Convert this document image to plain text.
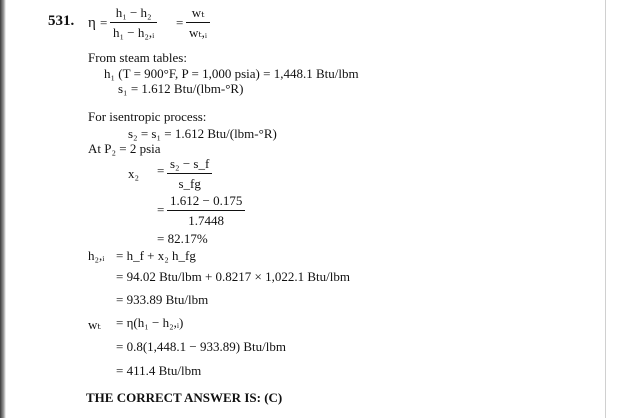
531. $\eta = \frac{\text{h₁ − h₂}}{\text{h₁ − h₂,ᵢ}} = \frac{\text{wₜ}}{\text{wₜ,ᵢ}}$
From steam tables:
h₁ (T = 900°F, P = 1,000 psia) = 1,448.1 Btu/lbm
s₁ = 1.612 Btu/(lbm-°R)
For isentropic process:
s₂ = s₁ = 1.612 Btu/(lbm-°R)
At P₂ = 2 psia
$x_2 = \frac{\text{s₂ − s\_f}}{s\_fg}$
= $\frac{1.612 - 0.175}{1.7448}$
= 82.17%
h₂,ᵢ = h_f + x₂ h_fg
= 94.02 Btu/lbm + 0.8217 × 1,022.1 Btu/lbm
= 933.89 Btu/lbm
wₜ = η(h₁ − h₂,ᵢ)
= 0.8(1,448.1 − 933.89) Btu/lbm
= 411.4 Btu/lbm
THE CORRECT ANSWER IS: (C)
